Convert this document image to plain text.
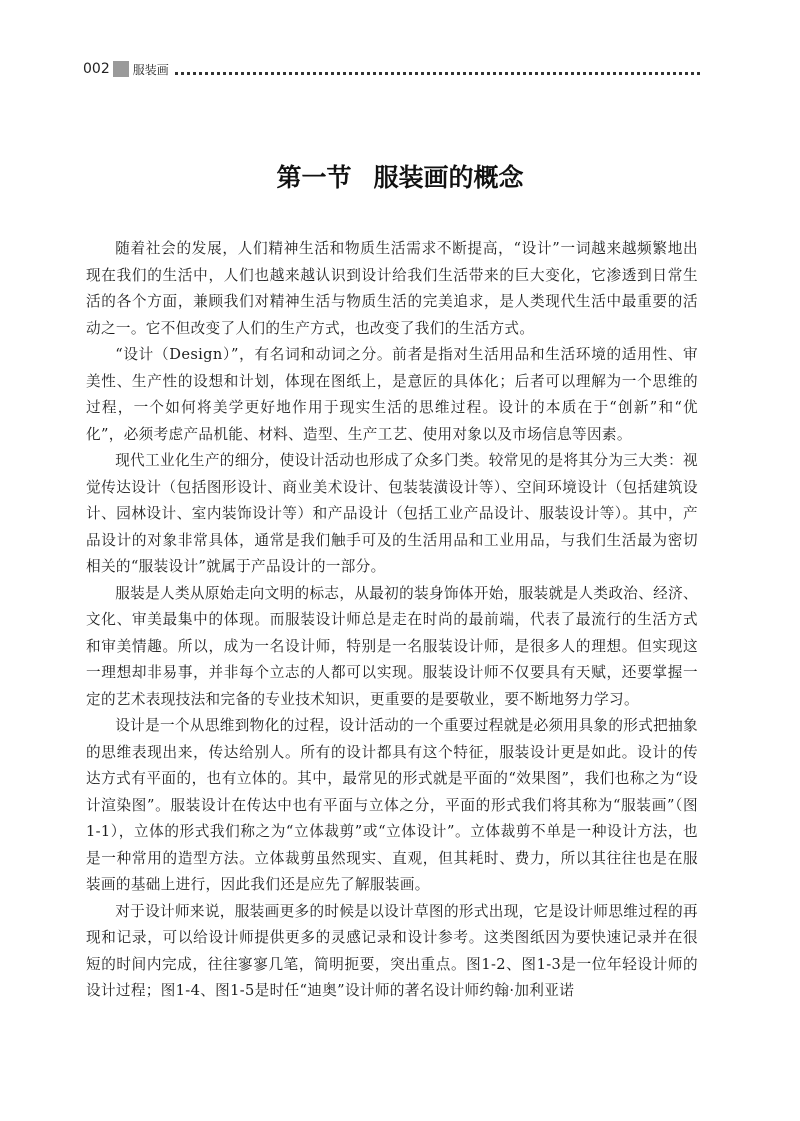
002 服装画
第一节 服装画的概念

随着社会的发展，人们精神生活和物质生活需求不断提高，“设计”一词越来越频繁地出现在我们的生活中，人们也越来越认识到设计给我们生活带来的巨大变化，它渗透到日常生活的各个方面，兼顾我们对精神生活与物质生活的完美追求，是人类现代生活中最重要的活动之一。它不但改变了人们的生产方式，也改变了我们的生活方式。

“设计（Design）”，有名词和动词之分。前者是指对生活用品和生活环境的适用性、审美性、生产性的设想和计划，体现在图纸上，是意匠的具体化；后者可以理解为一个思维的过程，一个如何将美学更好地作用于现实生活的思维过程。设计的本质在于“创新”和“优化”，必须考虑产品机能、材料、造型、生产工艺、使用对象以及市场信息等因素。

现代工业化生产的细分，使设计活动也形成了众多门类。较常见的是将其分为三大类：视觉传达设计（包括图形设计、商业美术设计、包装装潢设计等）、空间环境设计（包括建筑设计、园林设计、室内装饰设计等）和产品设计（包括工业产品设计、服装设计等）。其中，产品设计的对象非常具体，通常是我们触手可及的生活用品和工业用品，与我们生活最为密切相关的“服装设计”就属于产品设计的一部分。

服装是人类从原始走向文明的标志，从最初的装身饰体开始，服装就是人类政治、经济、文化、审美最集中的体现。而服装设计师总是走在时尚的最前端，代表了最流行的生活方式和审美情趣。所以，成为一名设计师，特别是一名服装设计师，是很多人的理想。但实现这一理想却非易事，并非每个立志的人都可以实现。服装设计师不仅要具有天赋，还要掌握一定的艺术表现技法和完备的专业技术知识，更重要的是要敬业，要不断地努力学习。

设计是一个从思维到物化的过程，设计活动的一个重要过程就是必须用具象的形式把抽象的思维表现出来，传达给别人。所有的设计都具有这个特征，服装设计更是如此。设计的传达方式有平面的，也有立体的。其中，最常见的形式就是平面的“效果图”，我们也称之为“设计渲染图”。服装设计在传达中也有平面与立体之分，平面的形式我们将其称为“服装画”（图1-1），立体的形式我们称之为“立体裁剪”或“立体设计”。立体裁剪不单是一种设计方法，也是一种常用的造型方法。立体裁剪虽然现实、直观，但其耗时、费力，所以其往往也是在服装画的基础上进行，因此我们还是应先了解服装画。

对于设计师来说，服装画更多的时候是以设计草图的形式出现，它是设计师思维过程的再现和记录，可以给设计师提供更多的灵感记录和设计参考。这类图纸因为要快速记录并在很短的时间内完成，往往寥寥几笔，简明扼要，突出重点。图1-2、图1-3是一位年轻设计师的设计过程；图1-4、图1-5是时任“迪奥”设计师的著名设计师约翰·加利亚诺
